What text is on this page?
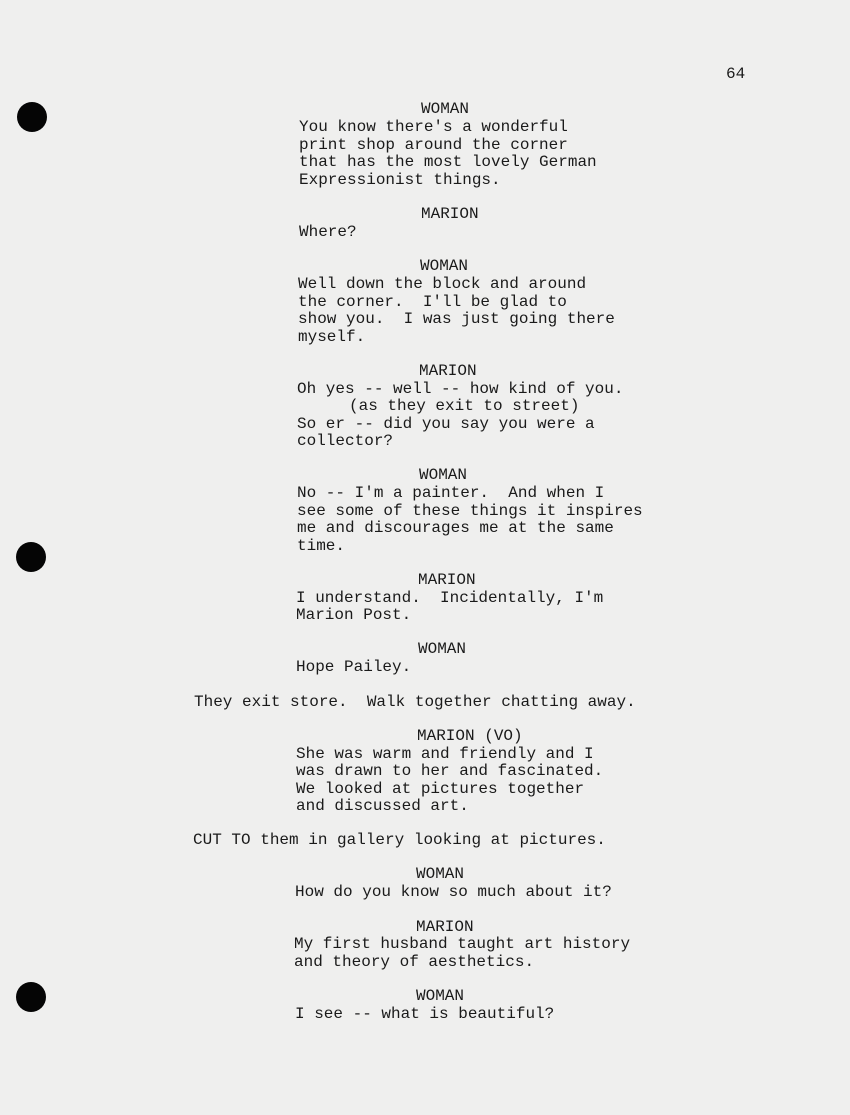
64
WOMAN
You know there's a wonderful
print shop around the corner
that has the most lovely German
Expressionist things.
MARION
Where?
WOMAN
Well down the block and around
the corner.  I'll be glad to
show you.  I was just going there
myself.
MARION
Oh yes -- well -- how kind of you.
(as they exit to street)
So er -- did you say you were a
collector?
WOMAN
No -- I'm a painter.  And when I
see some of these things it inspires
me and discourages me at the same
time.
MARION
I understand.  Incidentally, I'm
Marion Post.
WOMAN
Hope Pailey.
They exit store.  Walk together chatting away.
MARION (VO)
She was warm and friendly and I
was drawn to her and fascinated.
We looked at pictures together
and discussed art.
CUT TO them in gallery looking at pictures.
WOMAN
How do you know so much about it?
MARION
My first husband taught art history
and theory of aesthetics.
WOMAN
I see -- what is beautiful?
